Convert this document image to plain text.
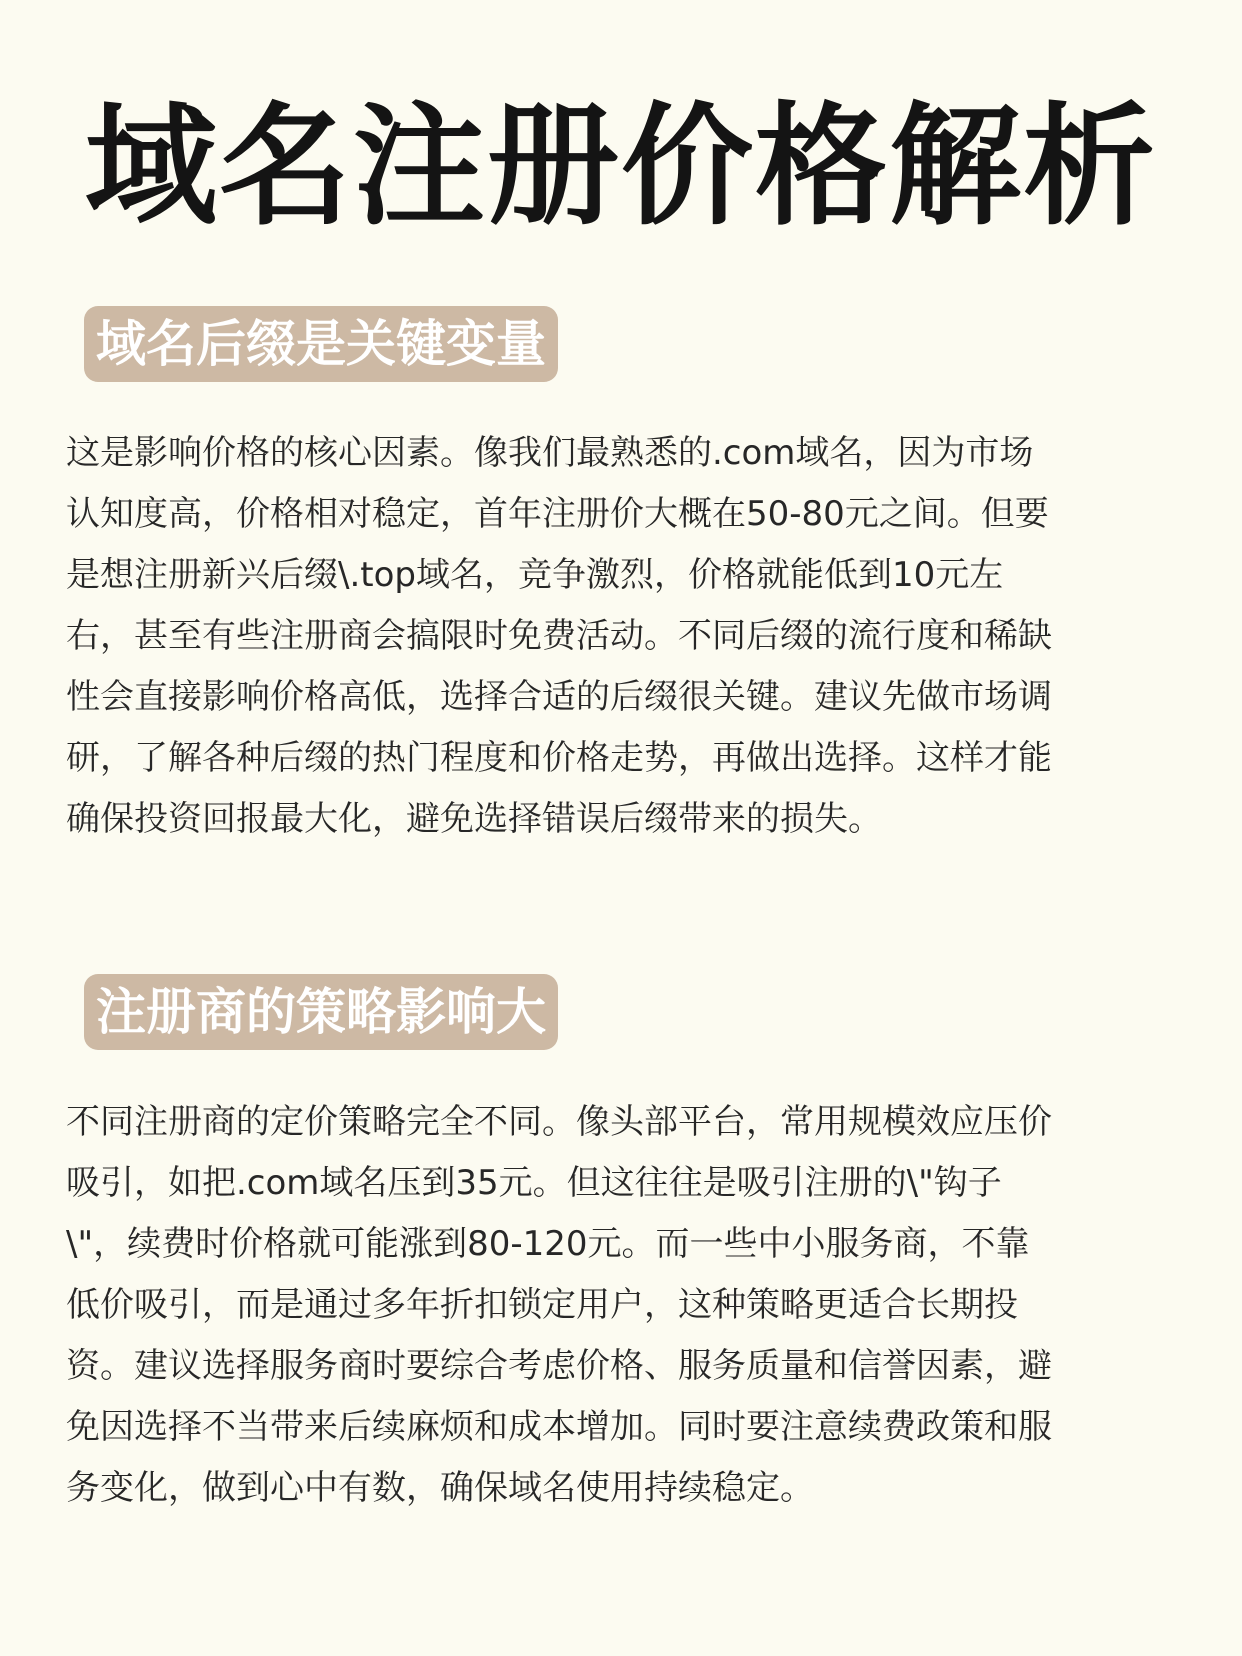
域名注册价格解析
域名后缀是关键变量
这是影响价格的核心因素。像我们最熟悉的.com域名，因为市场
认知度高，价格相对稳定，首年注册价大概在50-80元之间。但要
是想注册新兴后缀\.top域名，竞争激烈，价格就能低到10元左
右，甚至有些注册商会搞限时免费活动。不同后缀的流行度和稀缺
性会直接影响价格高低，选择合适的后缀很关键。建议先做市场调
研，了解各种后缀的热门程度和价格走势，再做出选择。这样才能
确保投资回报最大化，避免选择错误后缀带来的损失。
注册商的策略影响大
不同注册商的定价策略完全不同。像头部平台，常用规模效应压价
吸引，如把.com域名压到35元。但这往往是吸引注册的\"钩子
\"，续费时价格就可能涨到80-120元。而一些中小服务商，不靠
低价吸引，而是通过多年折扣锁定用户，这种策略更适合长期投
资。建议选择服务商时要综合考虑价格、服务质量和信誉因素，避
免因选择不当带来后续麻烦和成本增加。同时要注意续费政策和服
务变化，做到心中有数，确保域名使用持续稳定。
